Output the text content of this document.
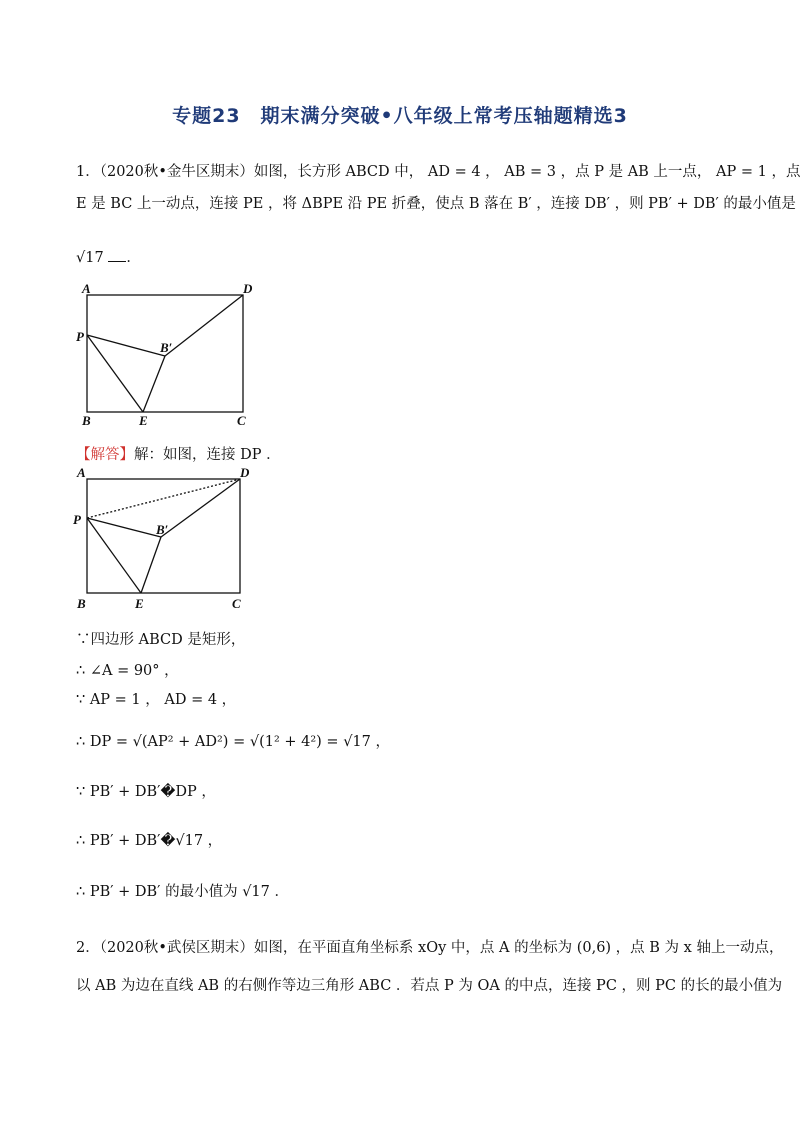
专题23　期末满分突破•八年级上常考压轴题精选3
1．（2020秋•金牛区期末）如图，长方形 ABCD 中， AD = 4 ， AB = 3 ，点 P 是 AB 上一点， AP = 1 ，点
E 是 BC 上一动点，连接 PE ，将 ΔBPE 沿 PE 折叠，使点 B 落在 B′ ，连接 DB′ ，则 PB′ + DB′ 的最小值是
√17 ．
A	D
P
B′
B	E	C
【解答】解：如图，连接 DP ．
A	D
P
B′
B	E	C
∵四边形 ABCD 是矩形，
∴ ∠A = 90° ，
∵ AP = 1 ， AD = 4 ，
∴ DP = √(AP² + AD²) = √(1² + 4²) = √17 ，
∵ PB′ + DB′�DP ，
∴ PB′ + DB′�√17 ，
∴ PB′ + DB′ 的最小值为 √17 ．
2．（2020秋•武侯区期末）如图，在平面直角坐标系 xOy 中，点 A 的坐标为 (0,6) ，点 B 为 x 轴上一动点，
以 AB 为边在直线 AB 的右侧作等边三角形 ABC ．若点 P 为 OA 的中点，连接 PC ，则 PC 的长的最小值为
